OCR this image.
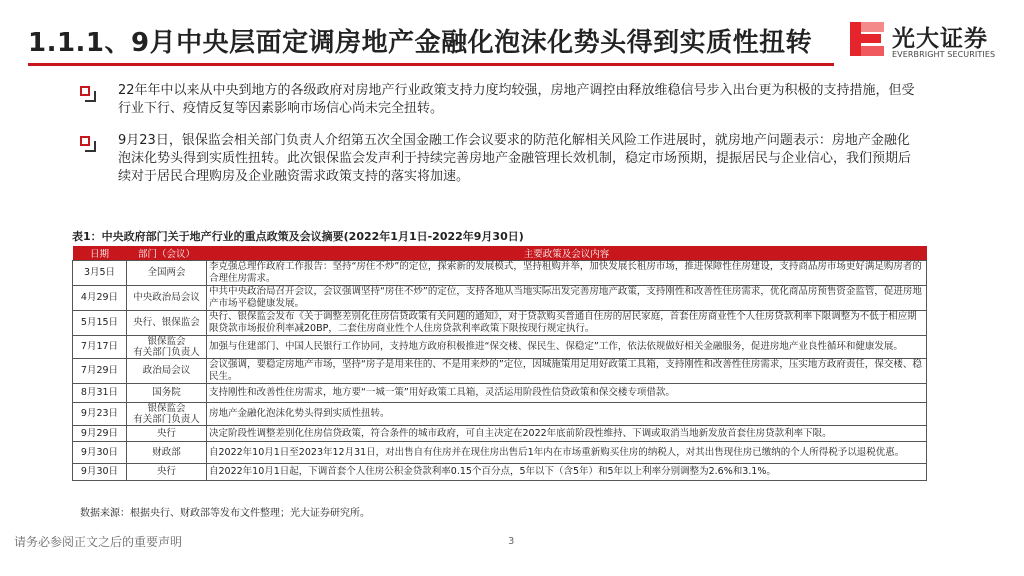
1.1.1、9月中央层面定调房地产金融化泡沫化势头得到实质性扭转	光大证券
EVERBRIGHT SECURITIES
22年年中以来从中央到地方的各级政府对房地产行业政策支持力度均较强，房地产调控由释放维稳信号步入出台更为积极的支持措施，但受行业下行、疫情反复等因素影响市场信心尚未完全扭转。
9月23日，银保监会相关部门负责人介绍第五次全国金融工作会议要求的防范化解相关风险工作进展时，就房地产问题表示：房地产金融化泡沫化势头得到实质性扭转。此次银保监会发声利于持续完善房地产金融管理长效机制，稳定市场预期，提振居民与企业信心，我们预期后续对于居民合理购房及企业融资需求政策支持的落实将加速。
表1：中央政府部门关于地产行业的重点政策及会议摘要(2022年1月1日-2022年9月30日)
日期	部门（会议）	主要政策及会议内容
3月5日	全国两会	李克强总理作政府工作报告：坚持“房住不炒”的定位，探索新的发展模式，坚持租购并举，加快发展长租房市场，推进保障性住房建设，支持商品房市场更好满足购房者的合理住房需求。
4月29日	中央政治局会议	中共中央政治局召开会议，会议强调坚持“房住不炒”的定位，支持各地从当地实际出发完善房地产政策，支持刚性和改善性住房需求，优化商品房预售资金监管，促进房地产市场平稳健康发展。
5月15日	央行、银保监会	央行、银保监会发布《关于调整差别化住房信贷政策有关问题的通知》，对于贷款购买普通自住房的居民家庭，首套住房商业性个人住房贷款利率下限调整为不低于相应期限贷款市场报价利率减20BP，二套住房商业性个人住房贷款利率政策下限按现行规定执行。
7月17日	银保监会
有关部门负责人	加强与住建部门、中国人民银行工作协同，支持地方政府积极推进“保交楼、保民生、保稳定”工作，依法依规做好相关金融服务，促进房地产业良性循环和健康发展。
7月29日	政治局会议	会议强调，要稳定房地产市场，坚持“房子是用来住的、不是用来炒的”定位，因城施策用足用好政策工具箱，支持刚性和改善性住房需求，压实地方政府责任，保交楼、稳民生。
8月31日	国务院	支持刚性和改善性住房需求，地方要“一城一策”用好政策工具箱，灵活运用阶段性信贷政策和保交楼专项借款。
9月23日	银保监会
有关部门负责人	房地产金融化泡沫化势头得到实质性扭转。
9月29日	央行	决定阶段性调整差别化住房信贷政策，符合条件的城市政府，可自主决定在2022年底前阶段性维持、下调或取消当地新发放首套住房贷款利率下限。
9月30日	财政部	自2022年10月1日至2023年12月31日，对出售自有住房并在现住房出售后1年内在市场重新购买住房的纳税人，对其出售现住房已缴纳的个人所得税予以退税优惠。
9月30日	央行	自2022年10月1日起，下调首套个人住房公积金贷款利率0.15个百分点，5年以下（含5年）和5年以上利率分别调整为2.6%和3.1%。
数据来源：根据央行、财政部等发布文件整理；光大证券研究所。
请务必参阅正文之后的重要声明	3
